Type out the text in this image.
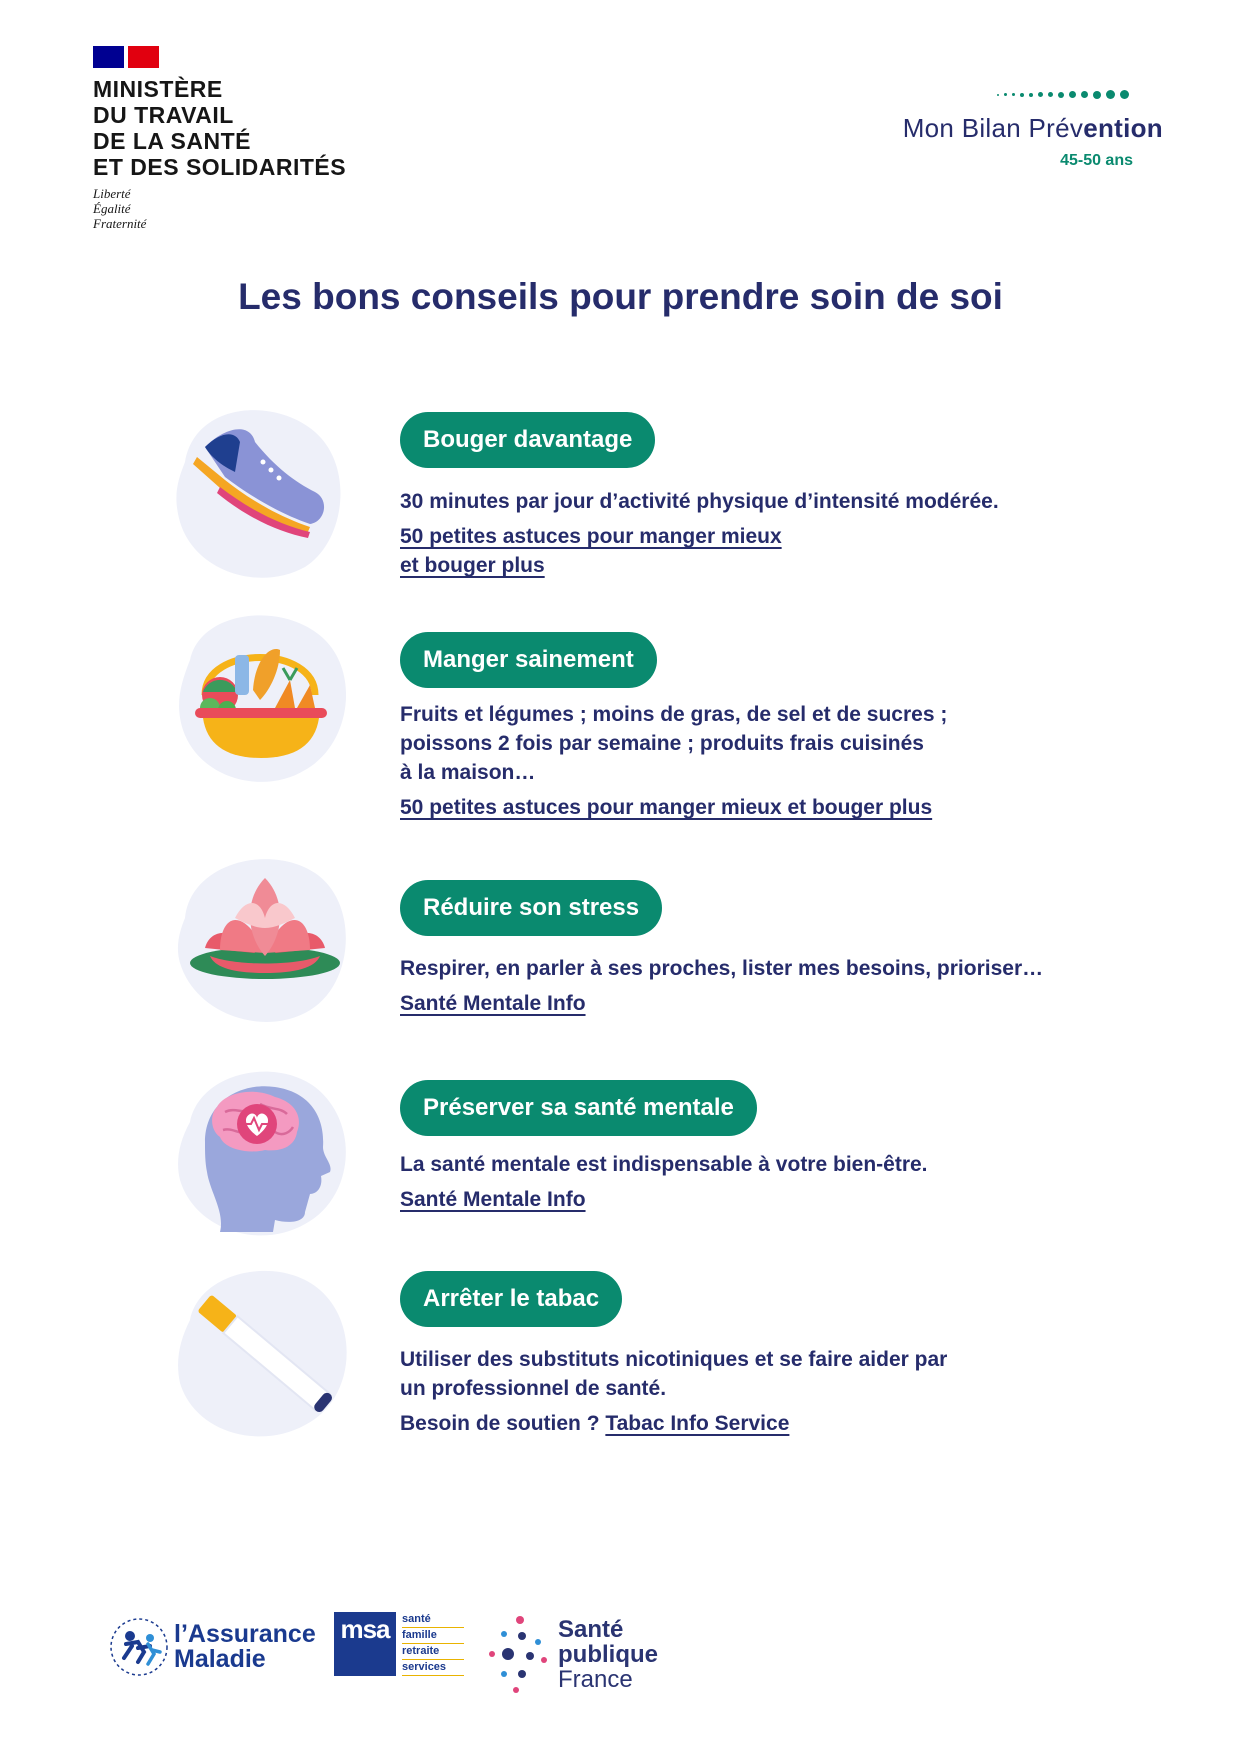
MINISTÈRE
DU TRAVAIL
DE LA SANTÉ
ET DES SOLIDARITÉS
Liberté
Égalité
Fraternité
Mon Bilan Prévention
45-50 ans
Les bons conseils pour prendre soin de soi
Bouger davantage
30 minutes par jour d’activité physique d’intensité modérée.
50 petites astuces pour manger mieux
et bouger plus
Manger sainement
Fruits et légumes ; moins de gras, de sel et de sucres ;
poissons 2 fois par semaine ; produits frais cuisinés
à la maison…
50 petites astuces pour manger mieux et bouger plus
Réduire son stress
Respirer, en parler à ses proches, lister mes besoins, prioriser…
Santé Mentale Info
Préserver sa santé mentale
La santé mentale est indispensable à votre bien-être.
Santé Mentale Info
Arrêter le tabac
Utiliser des substituts nicotiniques et se faire aider par
un professionnel de santé.
Besoin de soutien ? Tabac Info Service
l’Assurance
Maladie
msa	santé
famille
retraite
services
Santé
publique
France
